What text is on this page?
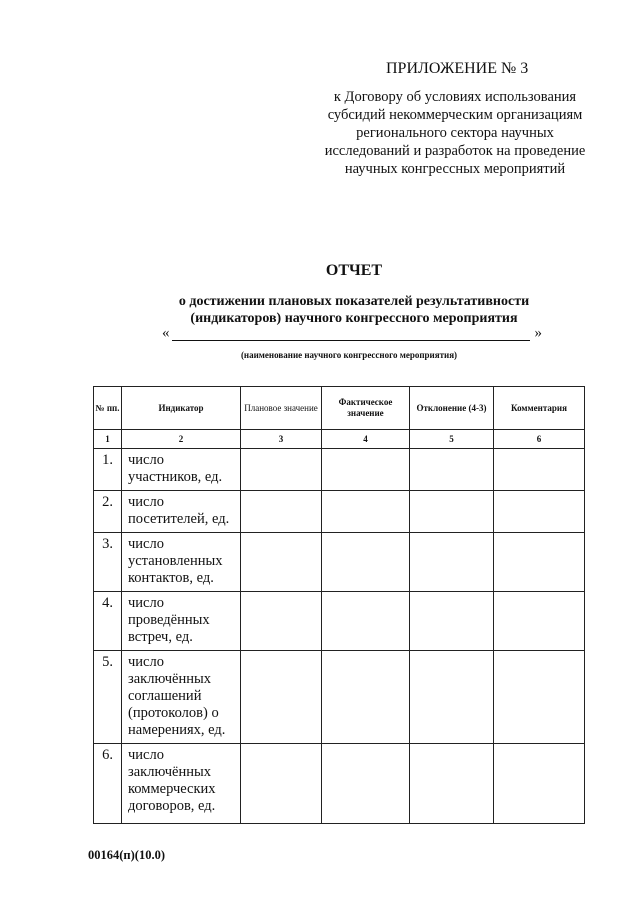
ПРИЛОЖЕНИЕ № 3
к Договору об условиях использования
субсидий некоммерческим организациям
регионального сектора научных
исследований и разработок на проведение
научных конгрессных мероприятий
ОТЧЕТ
о достижении плановых показателей результативности
(индикаторов) научного конгрессного мероприятия
«	»
(наименование научного конгрессного мероприятия)
№ пп.	Индикатор	Плановое значение	Фактическое значение	Отклонение (4-3)	Комментария
1	2	3	4	5	6
1.	число
участников, ед.				

2.	число
посетителей, ед.				

3.	число
установленных
контактов, ед.				

4.	число
проведённых
встреч, ед.				

5.	число
заключённых
соглашений
(протоколов) о
намерениях, ед.				

6.	число
заключённых
коммерческих
договоров, ед.				

00164(п)(10.0)
